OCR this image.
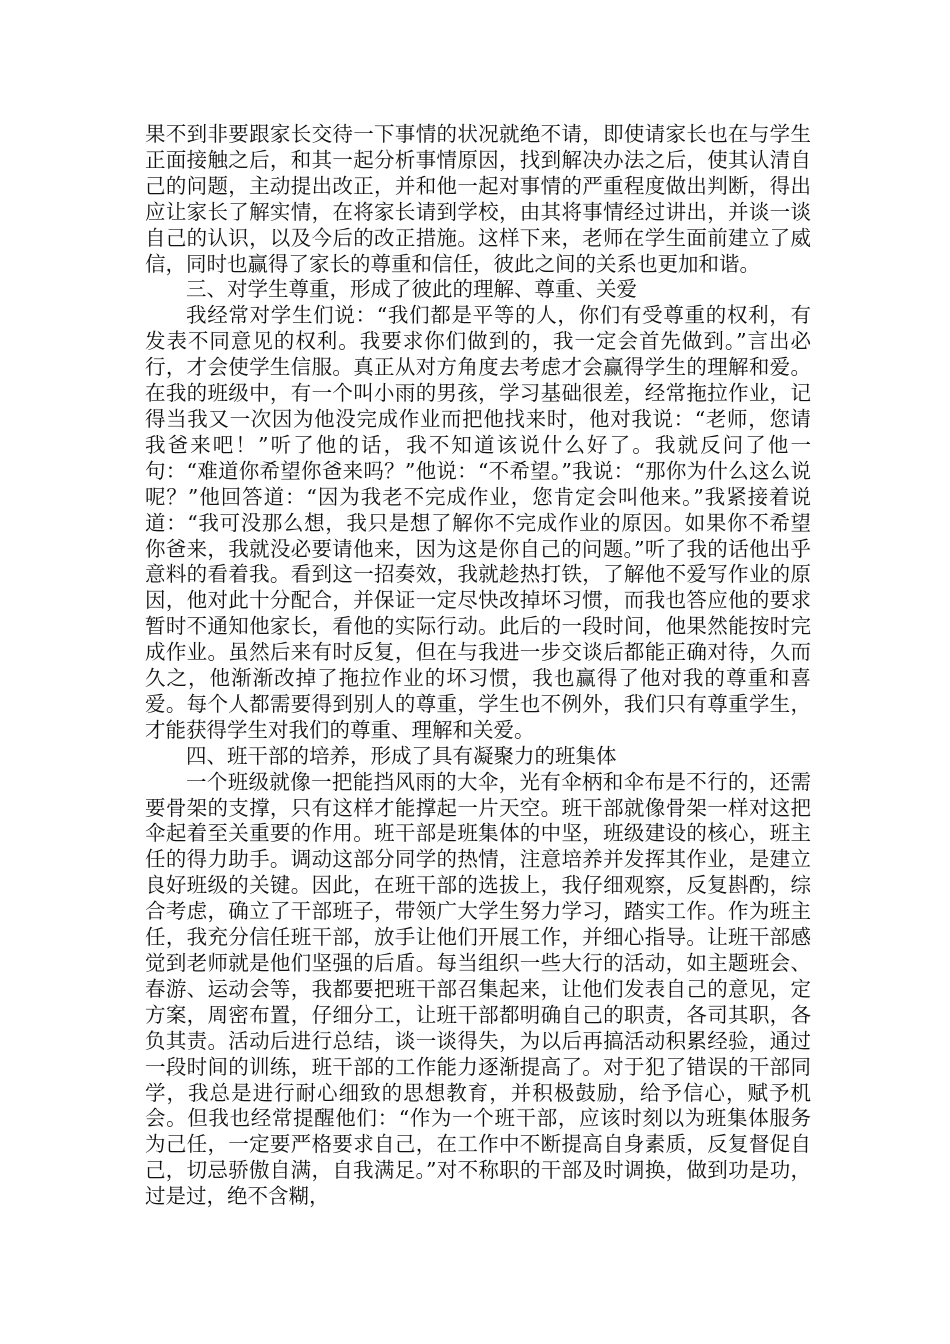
果不到非要跟家长交待一下事情的状况就绝不请，即使请家长也在与学生正面接触之后，和其一起分析事情原因，找到解决办法之后，使其认清自己的问题，主动提出改正，并和他一起对事情的严重程度做出判断，得出应让家长了解实情，在将家长请到学校，由其将事情经过讲出，并谈一谈自己的认识，以及今后的改正措施。这样下来，老师在学生面前建立了威信，同时也赢得了家长的尊重和信任，彼此之间的关系也更加和谐。

三、对学生尊重，形成了彼此的理解、尊重、关爱

我经常对学生们说：“我们都是平等的人，你们有受尊重的权利，有发表不同意见的权利。我要求你们做到的，我一定会首先做到。”言出必行，才会使学生信服。真正从对方角度去考虑才会赢得学生的理解和爱。在我的班级中，有一个叫小雨的男孩，学习基础很差，经常拖拉作业，记得当我又一次因为他没完成作业而把他找来时，他对我说：“老师，您请我爸来吧！”听了他的话，我不知道该说什么好了。我就反问了他一句：“难道你希望你爸来吗？”他说：“不希望。”我说：“那你为什么这么说呢？”他回答道：“因为我老不完成作业，您肯定会叫他来。”我紧接着说道：“我可没那么想，我只是想了解你不完成作业的原因。如果你不希望你爸来，我就没必要请他来，因为这是你自己的问题。”听了我的话他出乎意料的看着我。看到这一招奏效，我就趁热打铁，了解他不爱写作业的原因，他对此十分配合，并保证一定尽快改掉坏习惯，而我也答应他的要求暂时不通知他家长，看他的实际行动。此后的一段时间，他果然能按时完成作业。虽然后来有时反复，但在与我进一步交谈后都能正确对待，久而久之，他渐渐改掉了拖拉作业的坏习惯，我也赢得了他对我的尊重和喜爱。每个人都需要得到别人的尊重，学生也不例外，我们只有尊重学生，才能获得学生对我们的尊重、理解和关爱。

四、班干部的培养，形成了具有凝聚力的班集体

一个班级就像一把能挡风雨的大伞，光有伞柄和伞布是不行的，还需要骨架的支撑，只有这样才能撑起一片天空。班干部就像骨架一样对这把伞起着至关重要的作用。班干部是班集体的中坚，班级建设的核心，班主任的得力助手。调动这部分同学的热情，注意培养并发挥其作业，是建立良好班级的关键。因此，在班干部的选拔上，我仔细观察，反复斟酌，综合考虑，确立了干部班子，带领广大学生努力学习，踏实工作。作为班主任，我充分信任班干部，放手让他们开展工作，并细心指导。让班干部感觉到老师就是他们坚强的后盾。每当组织一些大行的活动，如主题班会、春游、运动会等，我都要把班干部召集起来，让他们发表自己的意见，定方案，周密布置，仔细分工，让班干部都明确自己的职责，各司其职，各负其责。活动后进行总结，谈一谈得失，为以后再搞活动积累经验，通过一段时间的训练，班干部的工作能力逐渐提高了。对于犯了错误的干部同学，我总是进行耐心细致的思想教育，并积极鼓励，给予信心，赋予机会。但我也经常提醒他们：“作为一个班干部，应该时刻以为班集体服务为己任，一定要严格要求自己，在工作中不断提高自身素质，反复督促自己，切忌骄傲自满，自我满足。”对不称职的干部及时调换，做到功是功，过是过，绝不含糊，
